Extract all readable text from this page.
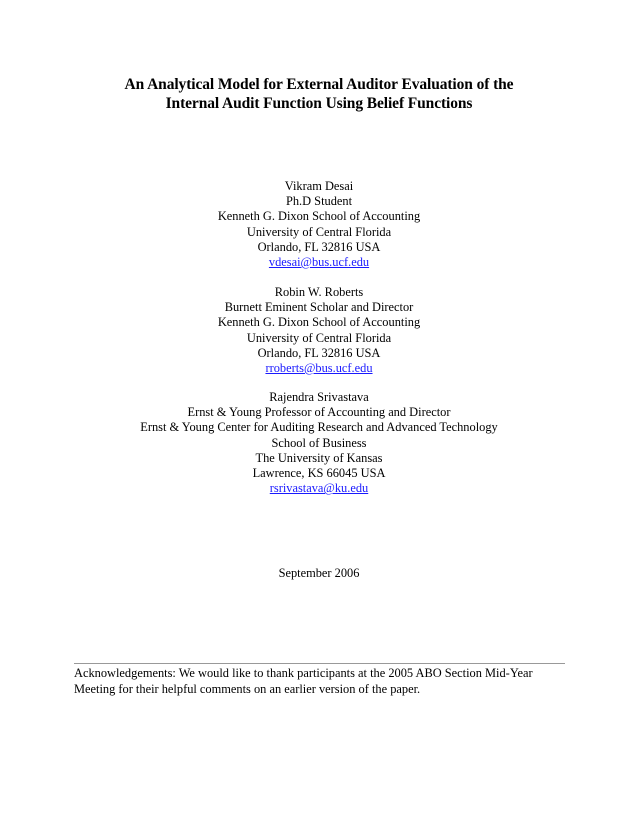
An Analytical Model for External Auditor Evaluation of the
Internal Audit Function Using Belief Functions
Vikram Desai
Ph.D Student
Kenneth G. Dixon School of Accounting
University of Central Florida
Orlando, FL 32816 USA
vdesai@bus.ucf.edu
Robin W. Roberts
Burnett Eminent Scholar and Director
Kenneth G. Dixon School of Accounting
University of Central Florida
Orlando, FL 32816 USA
rroberts@bus.ucf.edu
Rajendra Srivastava
Ernst & Young Professor of Accounting and Director
Ernst & Young Center for Auditing Research and Advanced Technology
School of Business
The University of Kansas
Lawrence, KS 66045 USA
rsrivastava@ku.edu
September 2006
Acknowledgements: We would like to thank participants at the 2005 ABO Section Mid-Year
Meeting for their helpful comments on an earlier version of the paper.
